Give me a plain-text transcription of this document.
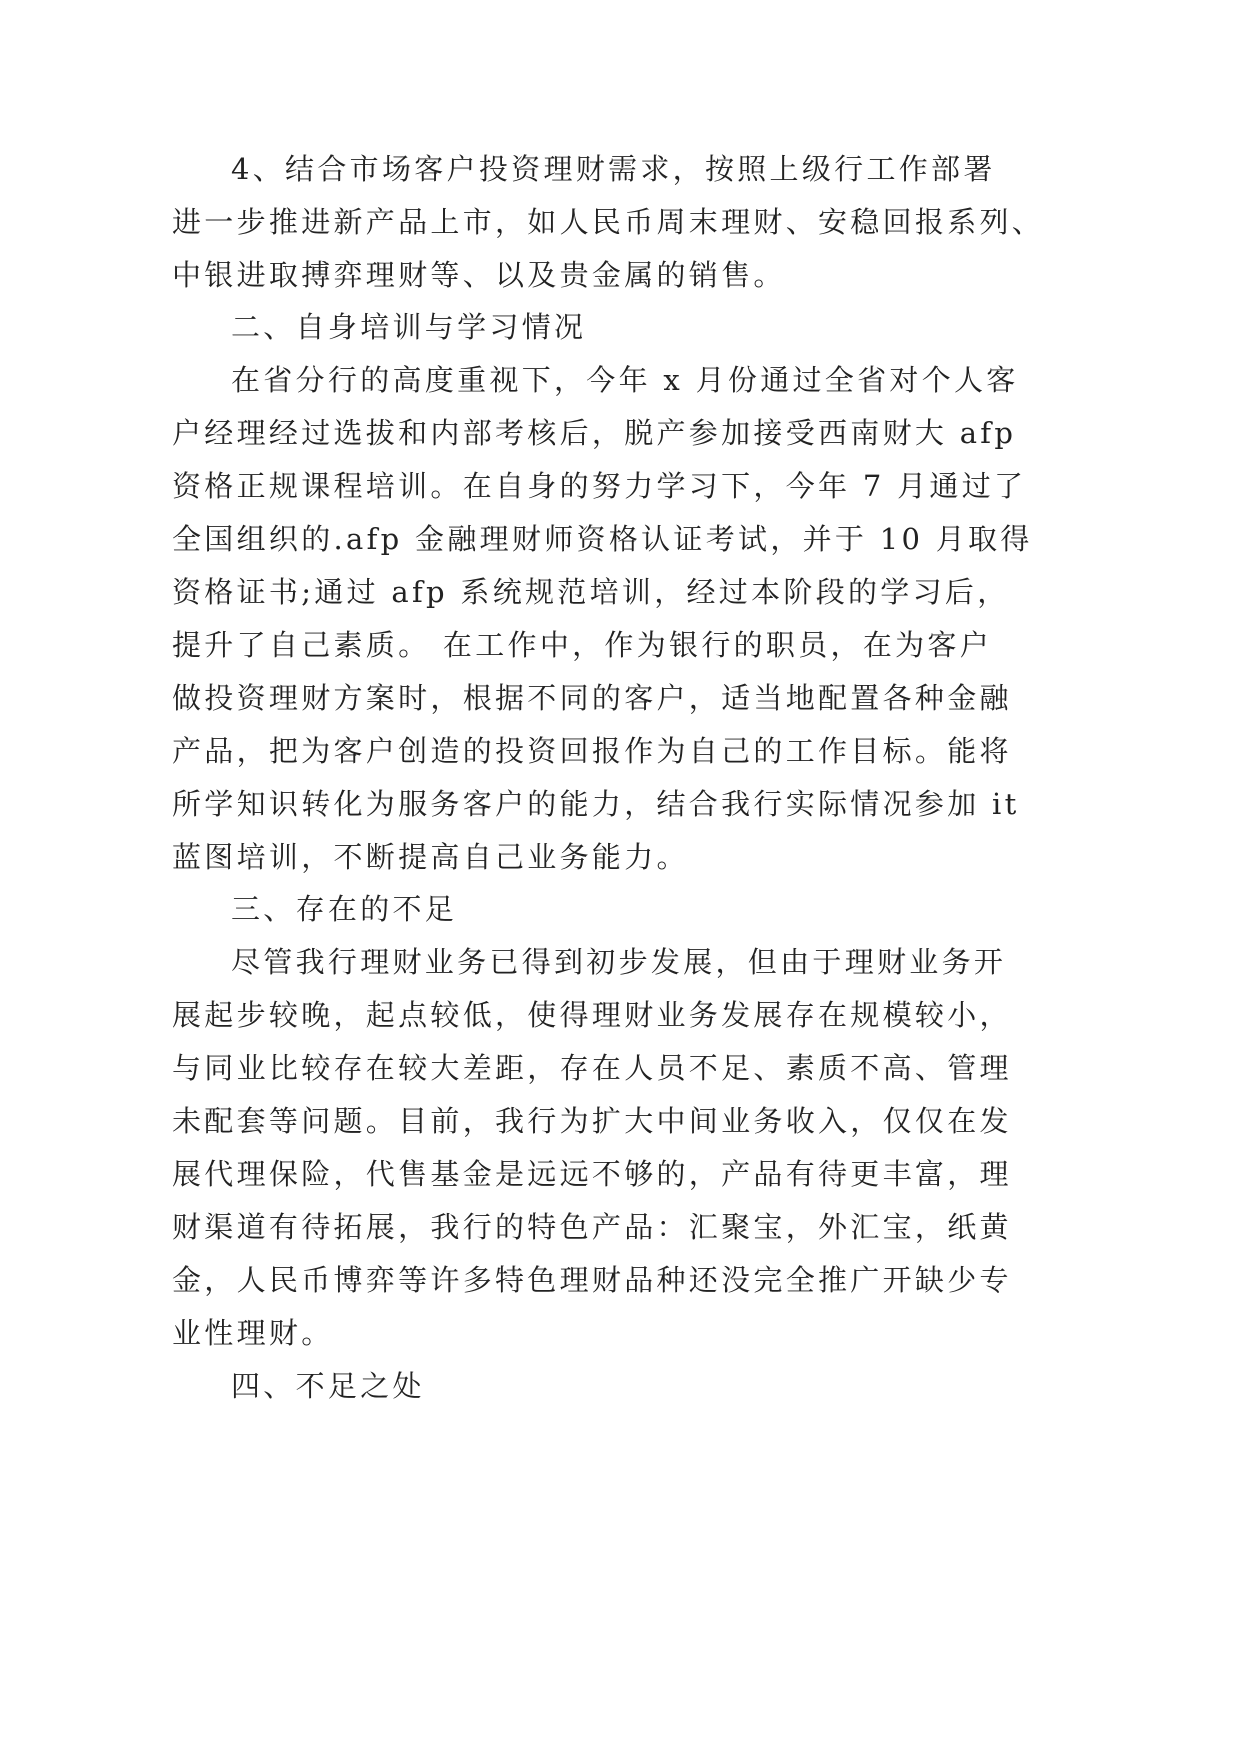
4、结合市场客户投资理财需求，按照上级行工作部署
进一步推进新产品上市，如人民币周末理财、安稳回报系列、
中银进取搏弈理财等、以及贵金属的销售。
二、自身培训与学习情况
在省分行的高度重视下，今年 x 月份通过全省对个人客
户经理经过选拔和内部考核后，脱产参加接受西南财大 afp
资格正规课程培训。在自身的努力学习下，今年 7 月通过了
全国组织的.afp 金融理财师资格认证考试，并于 10 月取得
资格证书;通过 afp 系统规范培训，经过本阶段的学习后，
提升了自己素质。 在工作中，作为银行的职员，在为客户
做投资理财方案时，根据不同的客户，适当地配置各种金融
产品，把为客户创造的投资回报作为自己的工作目标。能将
所学知识转化为服务客户的能力，结合我行实际情况参加 it
蓝图培训，不断提高自己业务能力。
三、存在的不足
尽管我行理财业务已得到初步发展，但由于理财业务开
展起步较晚，起点较低，使得理财业务发展存在规模较小，
与同业比较存在较大差距，存在人员不足、素质不高、管理
未配套等问题。目前，我行为扩大中间业务收入，仅仅在发
展代理保险，代售基金是远远不够的，产品有待更丰富，理
财渠道有待拓展，我行的特色产品：汇聚宝，外汇宝，纸黄
金，人民币博弈等许多特色理财品种还没完全推广开缺少专
业性理财。
四、不足之处
